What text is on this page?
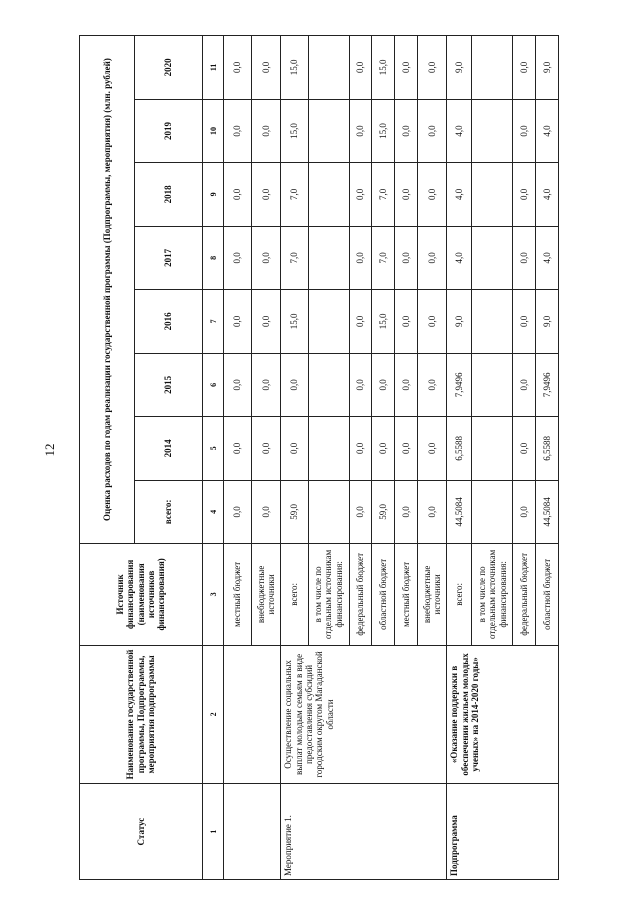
12
Статус	Наименование государственной программы, Подпрограммы, мероприятия подпрограммы	Источник финансирования (наименования источников финансирования)	Оценка расходов по годам реализации государственной программы (Подпрограммы, мероприятия) (млн. рублей)							
			всего:	2014	2015	2016	2017	2018	2019	2020
1	2	3	4	5	6	7	8	9	10	11
		местный бюджет	0,0	0,0	0,0	0,0	0,0	0,0	0,0	0,0
		внебюджетные источники	0,0	0,0	0,0	0,0	0,0	0,0	0,0	0,0
Мероприятие 1.	Осуществление социальных выплат молодым семьям в виде предоставления субсидий городским округом Магаданской области	всего:	59,0	0,0	0,0	15,0	7,0	7,0	15,0	15,0
		в том числе по отдельным источникам финансирования:								
		федеральный бюджет	0,0	0,0	0,0	0,0	0,0	0,0	0,0	0,0
		областной бюджет	59,0	0,0	0,0	15,0	7,0	7,0	15,0	15,0
		местный бюджет	0,0	0,0	0,0	0,0	0,0	0,0	0,0	0,0
		внебюджетные источники	0,0	0,0	0,0	0,0	0,0	0,0	0,0	0,0
Подпрограмма	«Оказание поддержки в обеспечении жильем молодых ученых» на 2014-2020 годы»	всего:	44,5084	6,5588	7,9496	9,0	4,0	4,0	4,0	9,0
		в том числе по отдельным источникам финансирования:								
		федеральный бюджет	0,0	0,0	0,0	0,0	0,0	0,0	0,0	0,0
		областной бюджет	44,5084	6,5588	7,9496	9,0	4,0	4,0	4,0	9,0
